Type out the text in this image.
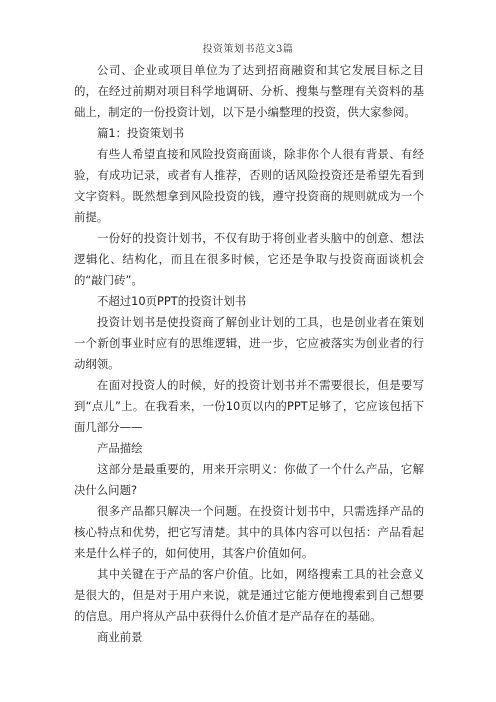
投资策划书范文3篇

公司、企业或项目单位为了达到招商融资和其它发展目标之目的，在经过前期对项目科学地调研、分析、搜集与整理有关资料的基础上，制定的一份投资计划，以下是小编整理的投资，供大家参阅。

篇1：投资策划书

有些人希望直接和风险投资商面谈，除非你个人很有背景、有经验，有成功记录，或者有人推荐，否则的话风险投资还是希望先看到文字资料。既然想拿到风险投资的钱，遵守投资商的规则就成为一个前提。

一份好的投资计划书，不仅有助于将创业者头脑中的创意、想法逻辑化、结构化，而且在很多时候，它还是争取与投资商面谈机会的“敲门砖”。

不超过10页PPT的投资计划书

投资计划书是使投资商了解创业计划的工具，也是创业者在策划一个新创事业时应有的思维逻辑，进一步，它应被落实为创业者的行动纲领。

在面对投资人的时候，好的投资计划书并不需要很长，但是要写到“点儿”上。在我看来，一份10页以内的PPT足够了，它应该包括下面几部分——

产品描绘

这部分是最重要的，用来开宗明义：你做了一个什么产品，它解决什么问题?

很多产品都只解决一个问题。在投资计划书中，只需选择产品的核心特点和优势，把它写清楚。其中的具体内容可以包括：产品看起来是什么样子的，如何使用，其客户价值如何。

其中关键在于产品的客户价值。比如，网络搜索工具的社会意义是很大的，但是对于用户来说，就是通过它能方便地搜索到自己想要的信息。用户将从产品中获得什么价值才是产品存在的基础。

商业前景
